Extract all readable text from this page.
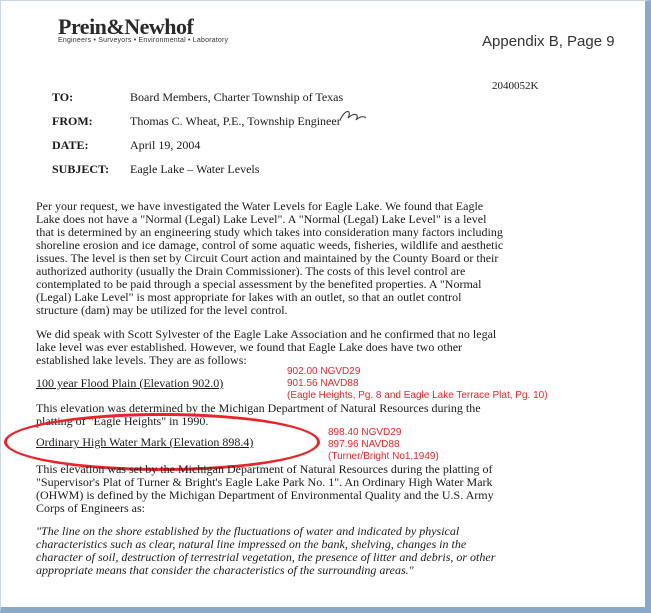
Prein&Newhof
Engineers • Surveyors • Environmental • Laboratory	Appendix B, Page 9
2040052K
TO:	Board Members, Charter Township of Texas
FROM:	Thomas C. Wheat, P.E., Township Engineer
DATE:	April 19, 2004
SUBJECT: Eagle Lake – Water Levels
Per your request, we have investigated the Water Levels for Eagle Lake. We found that Eagle
Lake does not have a "Normal (Legal) Lake Level". A "Normal (Legal) Lake Level" is a level
that is determined by an engineering study which takes into consideration many factors including
shoreline erosion and ice damage, control of some aquatic weeds, fisheries, wildlife and aesthetic
issues. The level is then set by Circuit Court action and maintained by the County Board or their
authorized authority (usually the Drain Commissioner). The costs of this level control are
contemplated to be paid through a special assessment by the benefited properties. A "Normal
(Legal) Lake Level" is most appropriate for lakes with an outlet, so that an outlet control
structure (dam) may be utilized for the level control.
We did speak with Scott Sylvester of the Eagle Lake Association and he confirmed that no legal
lake level was ever established. However, we found that Eagle Lake does have two other
established lake levels. They are as follows:
100 year Flood Plain (Elevation 902.0)
902.00 NGVD29
901.56 NAVD88
(Eagle Heights, Pg. 8 and Eagle Lake Terrace Plat, Pg. 10)
This elevation was determined by the Michigan Department of Natural Resources during the
platting of "Eagle Heights" in 1990.
Ordinary High Water Mark (Elevation 898.4)
898.40 NGVD29
897.96 NAVD88
(Turner/Bright No1,1949)
This elevation was set by the Michigan Department of Natural Resources during the platting of
"Supervisor's Plat of Turner & Bright's Eagle Lake Park No. 1". An Ordinary High Water Mark
(OHWM) is defined by the Michigan Department of Environmental Quality and the U.S. Army
Corps of Engineers as:
"The line on the shore established by the fluctuations of water and indicated by physical
characteristics such as clear, natural line impressed on the bank, shelving, changes in the
character of soil, destruction of terrestrial vegetation, the presence of litter and debris, or other
appropriate means that consider the characteristics of the surrounding areas."
